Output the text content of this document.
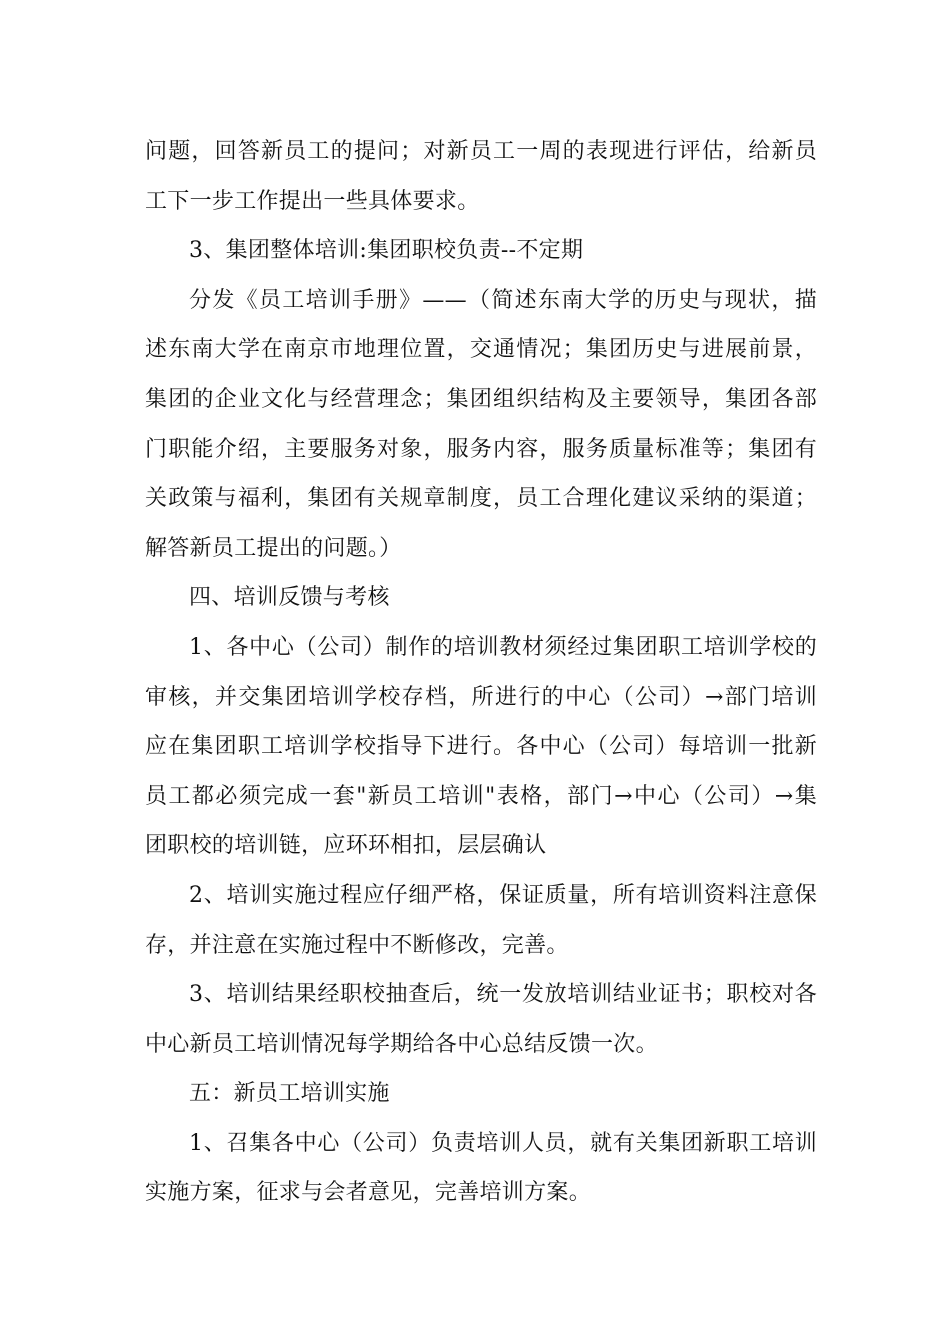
问题，回答新员工的提问；对新员工一周的表现进行评估，给新员
工下一步工作提出一些具体要求。

3、集团整体培训:集团职校负责--不定期

分发《员工培训手册》——（简述东南大学的历史与现状，描
述东南大学在南京市地理位置，交通情况；集团历史与进展前景，
集团的企业文化与经营理念；集团组织结构及主要领导，集团各部
门职能介绍，主要服务对象，服务内容，服务质量标准等；集团有
关政策与福利，集团有关规章制度，员工合理化建议采纳的渠道；
解答新员工提出的问题。）

四、培训反馈与考核

1、各中心（公司）制作的培训教材须经过集团职工培训学校的
审核，并交集团培训学校存档，所进行的中心（公司）→部门培训
应在集团职工培训学校指导下进行。各中心（公司）每培训一批新
员工都必须完成一套"新员工培训"表格，部门→中心（公司）→集
团职校的培训链，应环环相扣，层层确认

2、培训实施过程应仔细严格，保证质量，所有培训资料注意保
存，并注意在实施过程中不断修改，完善。

3、培训结果经职校抽查后，统一发放培训结业证书；职校对各
中心新员工培训情况每学期给各中心总结反馈一次。

五：新员工培训实施

1、召集各中心（公司）负责培训人员，就有关集团新职工培训
实施方案，征求与会者意见，完善培训方案。
